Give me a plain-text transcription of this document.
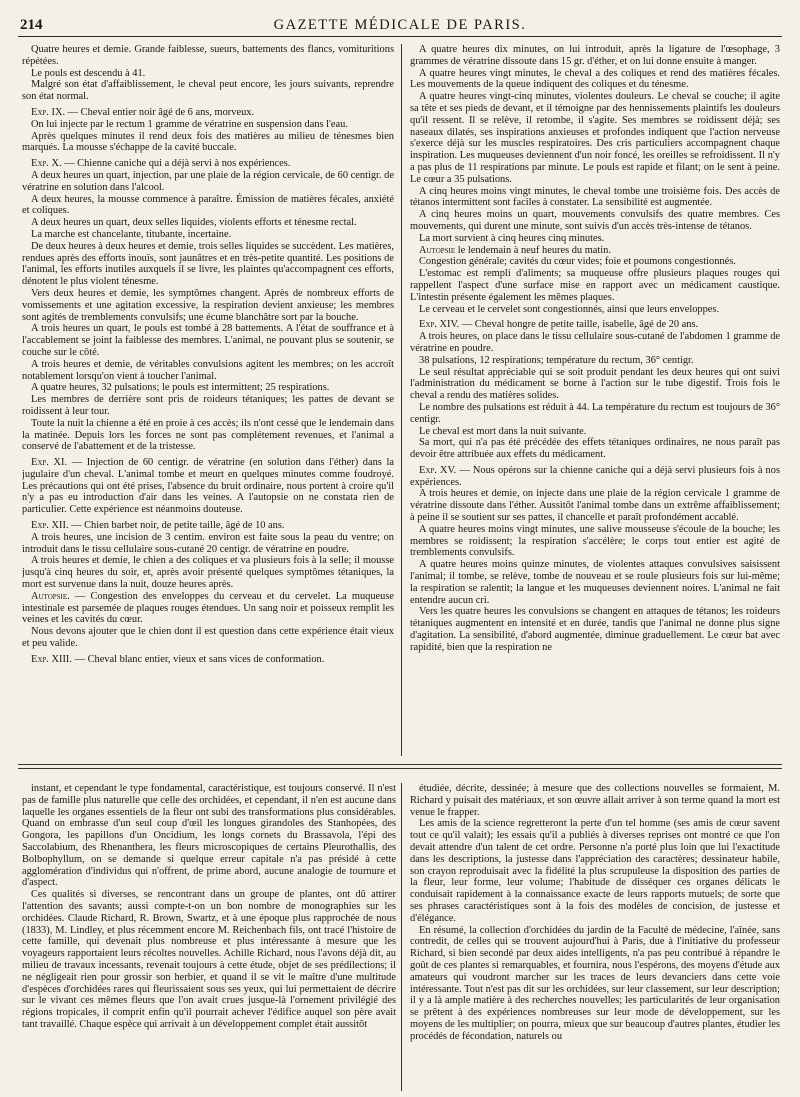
214	GAZETTE MÉDICALE DE PARIS.

Quatre heures et demie. Grande faiblesse, sueurs, battements des flancs, vomituritions répétées.

Le pouls est descendu à 41.

Malgré son état d'affaiblissement, le cheval peut encore, les jours suivants, reprendre son état normal.

Exp. IX. — Cheval entier noir âgé de 6 ans, morveux.

On lui injecte par le rectum 1 gramme de vératrine en suspension dans l'eau.

Après quelques minutes il rend deux fois des matières au milieu de ténesmes bien marqués. La mousse s'échappe de la cavité buccale.

Exp. X. — Chienne caniche qui a déjà servi à nos expériences.

A deux heures un quart, injection, par une plaie de la région cervicale, de 60 centigr. de vératrine en solution dans l'alcool.

A deux heures, la mousse commence à paraître. Émission de matières fécales, anxiété et coliques.

A deux heures un quart, deux selles liquides, violents efforts et ténesme rectal.

La marche est chancelante, titubante, incertaine.

De deux heures à deux heures et demie, trois selles liquides se succèdent. Les matières, rendues après des efforts inouïs, sont jaunâtres et en très-petite quantité. Les positions de l'animal, les efforts inutiles auxquels il se livre, les plaintes qu'accompagnent ces efforts, dénotent le plus violent ténesme.

Vers deux heures et demie, les symptômes changent. Après de nombreux efforts de vomissements et une agitation excessive, la respiration devient anxieuse; les membres sont agités de tremblements convulsifs; une écume blanchâtre sort par la bouche.

A trois heures un quart, le pouls est tombé à 28 battements. A l'état de souffrance et à l'accablement se joint la faiblesse des membres. L'animal, ne pouvant plus se soutenir, se couche sur le côté.

A trois heures et demie, de véritables convulsions agitent les membres; on les accroît notablement lorsqu'on vient à toucher l'animal.

A quatre heures, 32 pulsations; le pouls est intermittent; 25 respirations.

Les membres de derrière sont pris de roideurs tétaniques; les pattes de devant se roidissent à leur tour.

Toute la nuit la chienne a été en proie à ces accès; ils n'ont cessé que le lendemain dans la matinée. Depuis lors les forces ne sont pas complétement revenues, et l'animal a conservé de l'abattement et de la tristesse.

Exp. XI. — Injection de 60 centigr. de vératrine (en solution dans l'éther) dans la jugulaire d'un cheval. L'animal tombe et meurt en quelques minutes comme foudroyé. Les précautions qui ont été prises, l'absence du bruit ordinaire, nous portent à croire qu'il n'y a pas eu introduction d'air dans les veines. A l'autopsie on ne constata rien de particulier. Cette expérience est néanmoins douteuse.

Exp. XII. — Chien barbet noir, de petite taille, âgé de 10 ans.

A trois heures, une incision de 3 centim. environ est faite sous la peau du ventre; on introduit dans le tissu cellulaire sous-cutané 20 centigr. de vératrine en poudre.

A trois heures et demie, le chien a des coliques et va plusieurs fois à la selle; il mousse jusqu'à cinq heures du soir, et, après avoir présenté quelques symptômes tétaniques, la mort est survenue dans la nuit, douze heures après.

Autopsie. — Congestion des enveloppes du cerveau et du cervelet. La muqueuse intestinale est parsemée de plaques rouges étendues. Un sang noir et poisseux remplit les veines et les cavités du cœur.

Nous devons ajouter que le chien dont il est question dans cette expérience était vieux et peu valide.

Exp. XIII. — Cheval blanc entier, vieux et sans vices de conformation.

A quatre heures dix minutes, on lui introduit, après la ligature de l'œsophage, 3 grammes de vératrine dissoute dans 15 gr. d'éther, et on lui donne ensuite à manger.

A quatre heures vingt minutes, le cheval a des coliques et rend des matières fécales. Les mouvements de la queue indiquent des coliques et du ténesme.

A quatre heures vingt-cinq minutes, violentes douleurs. Le cheval se couche; il agite sa tête et ses pieds de devant, et il témoigne par des hennissements plaintifs les douleurs qu'il ressent. Il se relève, il retombe, il s'agite. Ses membres se roidissent déjà; ses naseaux dilatés, ses inspirations anxieuses et profondes indiquent que l'action nerveuse s'exerce déjà sur les muscles respiratoires. Des cris particuliers accompagnent chaque inspiration. Les muqueuses deviennent d'un noir foncé, les oreilles se refroidissent. Il n'y a pas plus de 11 respirations par minute. Le pouls est rapide et filant; on le sent à peine. Le cœur a 35 pulsations.

A cinq heures moins vingt minutes, le cheval tombe une troisième fois. Des accès de tétanos intermittent sont faciles à constater. La sensibilité est augmentée.

A cinq heures moins un quart, mouvements convulsifs des quatre membres. Ces mouvements, qui durent une minute, sont suivis d'un accès très-intense de tétanos.

La mort survient à cinq heures cinq minutes.

Autopsie le lendemain à neuf heures du matin.

Congestion générale; cavités du cœur vides; foie et poumons congestionnés.

L'estomac est rempli d'aliments; sa muqueuse offre plusieurs plaques rouges qui rappellent l'aspect d'une surface mise en rapport avec un médicament caustique. L'intestin présente également les mêmes plaques.

Le cerveau et le cervelet sont congestionnés, ainsi que leurs enveloppes.

Exp. XIV. — Cheval hongre de petite taille, isabelle, âgé de 20 ans.

A trois heures, on place dans le tissu cellulaire sous-cutané de l'abdomen 1 gramme de vératrine en poudre.

38 pulsations, 12 respirations; température du rectum, 36° centigr.

Le seul résultat appréciable qui se soit produit pendant les deux heures qui ont suivi l'administration du médicament se borne à l'action sur le tube digestif. Trois fois le cheval a rendu des matières solides.

Le nombre des pulsations est réduit à 44. La température du rectum est toujours de 36° centigr.

Le cheval est mort dans la nuit suivante.

Sa mort, qui n'a pas été précédée des effets tétaniques ordinaires, ne nous paraît pas devoir être attribuée aux effets du médicament.

Exp. XV. — Nous opérons sur la chienne caniche qui a déjà servi plusieurs fois à nos expériences.

A trois heures et demie, on injecte dans une plaie de la région cervicale 1 gramme de vératrine dissoute dans l'éther. Aussitôt l'animal tombe dans un extrême affaiblissement; à peine il se soutient sur ses pattes, il chancelle et paraît profondément accablé.

A quatre heures moins vingt minutes, une salive mousseuse s'écoule de la bouche; les membres se roidissent; la respiration s'accélère; le corps tout entier est agité de tremblements convulsifs.

A quatre heures moins quinze minutes, de violentes attaques convulsives saisissent l'animal; il tombe, se relève, tombe de nouveau et se roule plusieurs fois sur lui-même; la respiration se ralentit; la langue et les muqueuses deviennent noires. L'animal ne fait entendre aucun cri.

Vers les quatre heures les convulsions se changent en attaques de tétanos; les roideurs tétaniques augmentent en intensité et en durée, tandis que l'animal ne donne plus signe d'agitation. La sensibilité, d'abord augmentée, diminue graduellement. Le cœur bat avec rapidité, bien que la respiration ne

instant, et cependant le type fondamental, caractéristique, est toujours conservé. Il n'est pas de famille plus naturelle que celle des orchidées, et cependant, il n'en est aucune dans laquelle les organes essentiels de la fleur ont subi des transformations plus considérables. Quand on embrasse d'un seul coup d'œil les longues girandoles des Stanhopées, des Gongora, les papillons d'un Oncidium, les longs cornets du Brassavola, l'épi des Saccolabium, des Rhenanthera, les fleurs microscopiques de certains Pleurothallis, des Bolbophyllum, on se demande si quelque erreur capitale n'a pas présidé à cette agglomération d'individus qui n'offrent, de prime abord, aucune analogie de tournure et d'aspect.

Ces qualités si diverses, se rencontrant dans un groupe de plantes, ont dû attirer l'attention des savants; aussi compte-t-on un bon nombre de monographies sur les orchidées. Claude Richard, R. Brown, Swartz, et à une époque plus rapprochée de nous (1833), M. Lindley, et plus récemment encore M. Reichenbach fils, ont tracé l'histoire de cette famille, qui devenait plus nombreuse et plus intéressante à mesure que les voyageurs rapportaient leurs récoltes nouvelles. Achille Richard, nous l'avons déjà dit, au milieu de travaux incessants, revenait toujours à cette étude, objet de ses prédilections; il ne négligeait rien pour grossir son herbier, et quand il se vit le maître d'une multitude d'espèces d'orchidées rares qui fleurissaient sous ses yeux, qui lui permettaient de décrire sur le vivant ces mêmes fleurs que l'on avait crues jusque-là l'ornement privilégié des régions tropicales, il comprit enfin qu'il pourrait achever l'édifice auquel son père avait tant travaillé. Chaque espèce qui arrivait à un développement complet était aussitôt

étudiée, décrite, dessinée; à mesure que des collections nouvelles se formaient, M. Richard y puisait des matériaux, et son œuvre allait arriver à son terme quand la mort est venue le frapper.

Les amis de la science regretteront la perte d'un tel homme (ses amis de cœur savent tout ce qu'il valait); les essais qu'il a publiés à diverses reprises ont montré ce que l'on devait attendre d'un talent de cet ordre. Personne n'a porté plus loin que lui l'exactitude dans les descriptions, la justesse dans l'appréciation des caractères; dessinateur habile, son crayon reproduisait avec la fidélité la plus scrupuleuse la disposition des parties de la fleur, leur forme, leur volume; l'habitude de disséquer ces organes délicats le conduisait rapidement à la connaissance exacte de leurs rapports mutuels; de sorte que ses phrases caractéristiques sont à la fois des modèles de concision, de justesse et d'élégance.

En résumé, la collection d'orchidées du jardin de la Faculté de médecine, l'aînée, sans contredit, de celles qui se trouvent aujourd'hui à Paris, due à l'initiative du professeur Richard, si bien secondé par deux aides intelligents, n'a pas peu contribué à répandre le goût de ces plantes si remarquables, et fournira, nous l'espérons, des moyens d'étude aux amateurs qui voudront marcher sur les traces de leurs devanciers dans cette voie intéressante. Tout n'est pas dit sur les orchidées, sur leur classement, sur leur description; il y a là ample matière à des recherches nouvelles; les particularités de leur organisation se prêtent à des expériences nombreuses sur leur mode de développement, sur les moyens de les multiplier; on pourra, mieux que sur beaucoup d'autres plantes, étudier les procédés de fécondation, naturels ou
